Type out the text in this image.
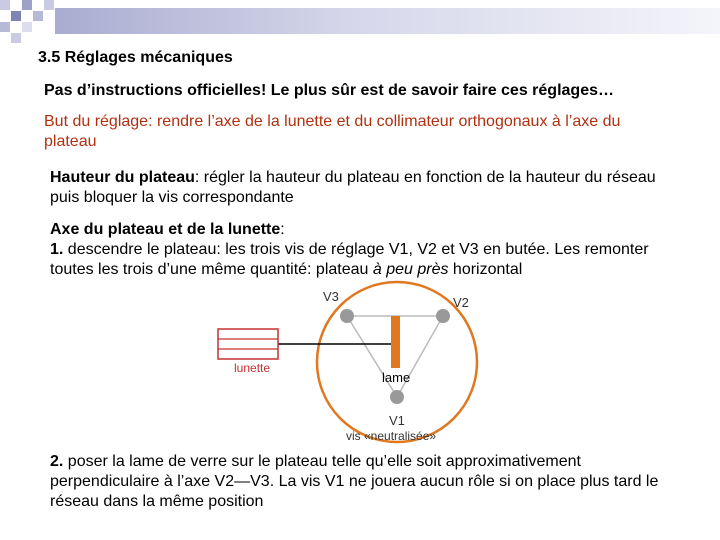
3.5 Réglages mécaniques
Pas d’instructions officielles! Le plus sûr est de savoir faire ces réglages…
But du réglage: rendre l’axe de la lunette et du collimateur orthogonaux à l’axe du plateau
Hauteur du plateau: régler la hauteur du plateau en fonction de la hauteur du réseau puis bloquer la vis correspondante
Axe du plateau et de la lunette:
1. descendre le plateau: les trois vis de réglage V1, V2 et V3 en butée. Les remonter toutes les trois d’une même quantité: plateau à peu près horizontal
lunette
lame
V3	V2
V1
vis «neutralisée»
2. poser la lame de verre sur le plateau telle qu’elle soit approximativement perpendiculaire à l’axe V2—V3. La vis V1 ne jouera aucun rôle si on place plus tard le réseau dans la même position
